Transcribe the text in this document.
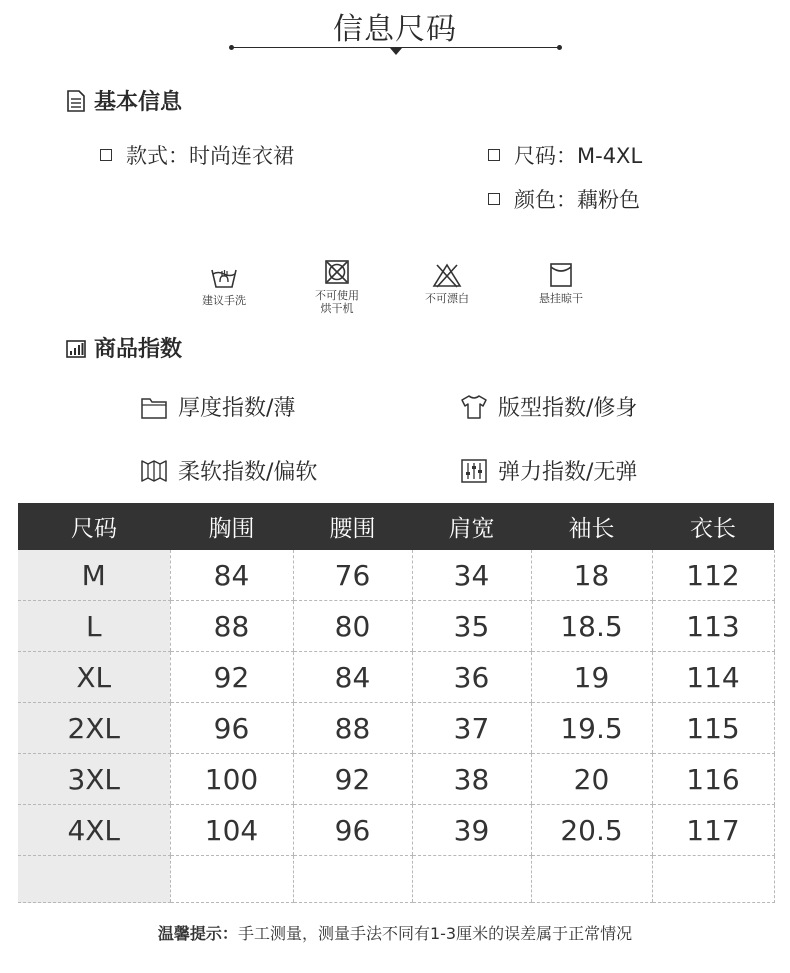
信息尺码
基本信息
款式：时尚连衣裙	尺码：M-4XL
颜色：藕粉色
建议手洗	不可使用
烘干机
不可漂白	悬挂晾干
商品指数
厚度指数/薄	版型指数/修身
柔软指数/偏软	弹力指数/无弹
尺码	胸围	腰围	肩宽	袖长	衣长
M	84	76	34	18	112
L	88	80	35	18.5	113
XL	92	84	36	19	114
2XL	96	88	37	19.5	115
3XL	100	92	38	20	116
4XL	104	96	39	20.5	117

温馨提示：手工测量，测量手法不同有1-3厘米的误差属于正常情况
